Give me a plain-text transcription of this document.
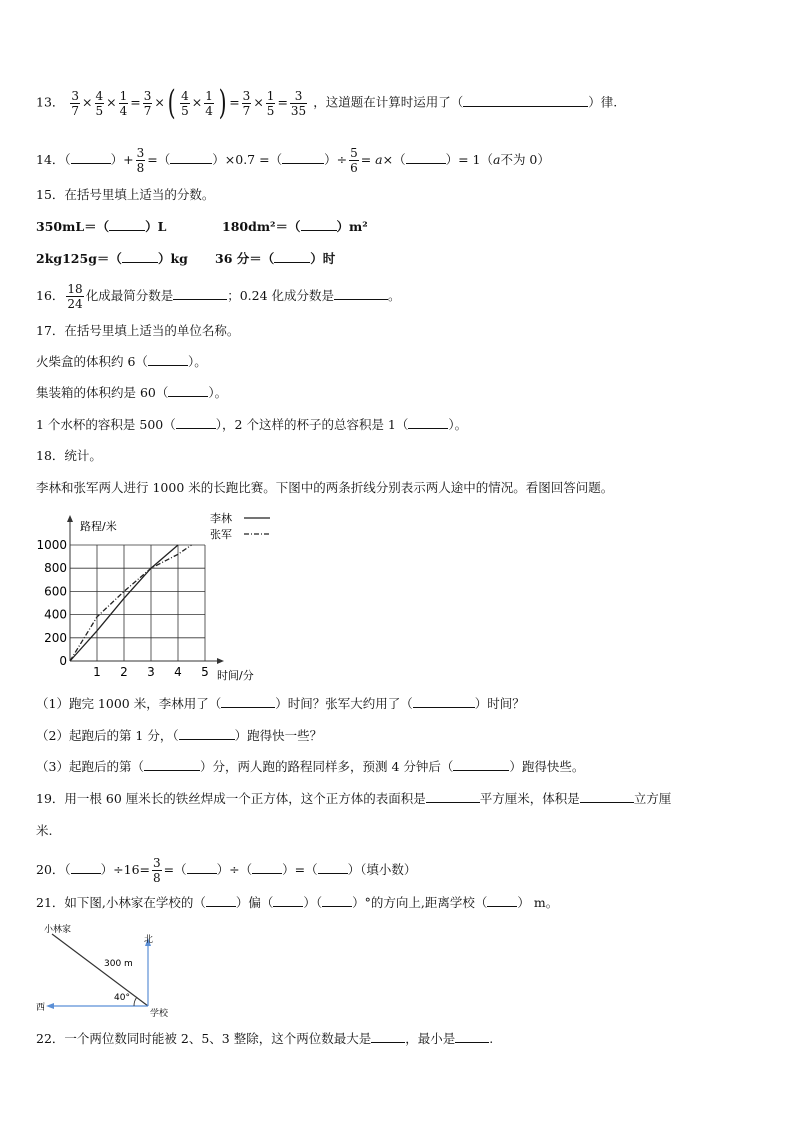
13． $\frac{3}{7} \times \frac{4}{5} \times \frac{1}{4} = \frac{3}{7}$ ×( $\frac{4}{5} \times \frac{1}{4}$ ) = $\frac{3}{7} \times \frac{1}{5} = \frac{3}{35}$ ，这道题在计算时运用了（	）律.
14．（	）+ $\frac{3}{8}$ =（	）×0.7 =（	）÷ $\frac{5}{6} = a\times$（	）= 1（a不为 0）
15．在括号里填上适当的分数。
350mL＝（	）L	180dm²＝（	）m²
2kg125g＝（	）kg 36 分＝（	）时
16． $\frac{18}{24}$ 化成最简分数是	；0.24 化成分数是	。
17．在括号里填上适当的单位名称。
火柴盒的体积约 6（	）。
集装箱的体积约是 60（	）。
1 个水杯的容积是 500（	），2 个这样的杯子的总容积是 1（	）。
18．统计。
李林和张军两人进行 1000 米的长跑比赛。下图中的两条折线分别表示两人途中的情况。看图回答问题。
0
200
400
600
800
1000
1 2 3 4 5
路程/米
时间/分
李林
张军
（1）跑完 1000 米，李林用了（	）时间？张军大约用了（	）时间？
（2）起跑后的第 1 分，（	）跑得快一些？
（3）起跑后的第（	）分，两人跑的路程同样多，预测 4 分钟后（	）跑得快些。
19．用一根 60 厘米长的铁丝焊成一个正方体，这个正方体的表面积是	平方厘米，体积是	立方厘
米.
20．（ ）$\div 16= \frac{3}{8}$ =（ ）÷（ ）=（ ）（填小数）
21．如下图,小林家在学校的（ ）偏（ ）（ ）°的方向上,距离学校（ ） m。
小林家
北
300 m
40°
西
学校
22．一个两位数同时能被 2、5、3 整除，这个两位数最大是	，最小是	.
